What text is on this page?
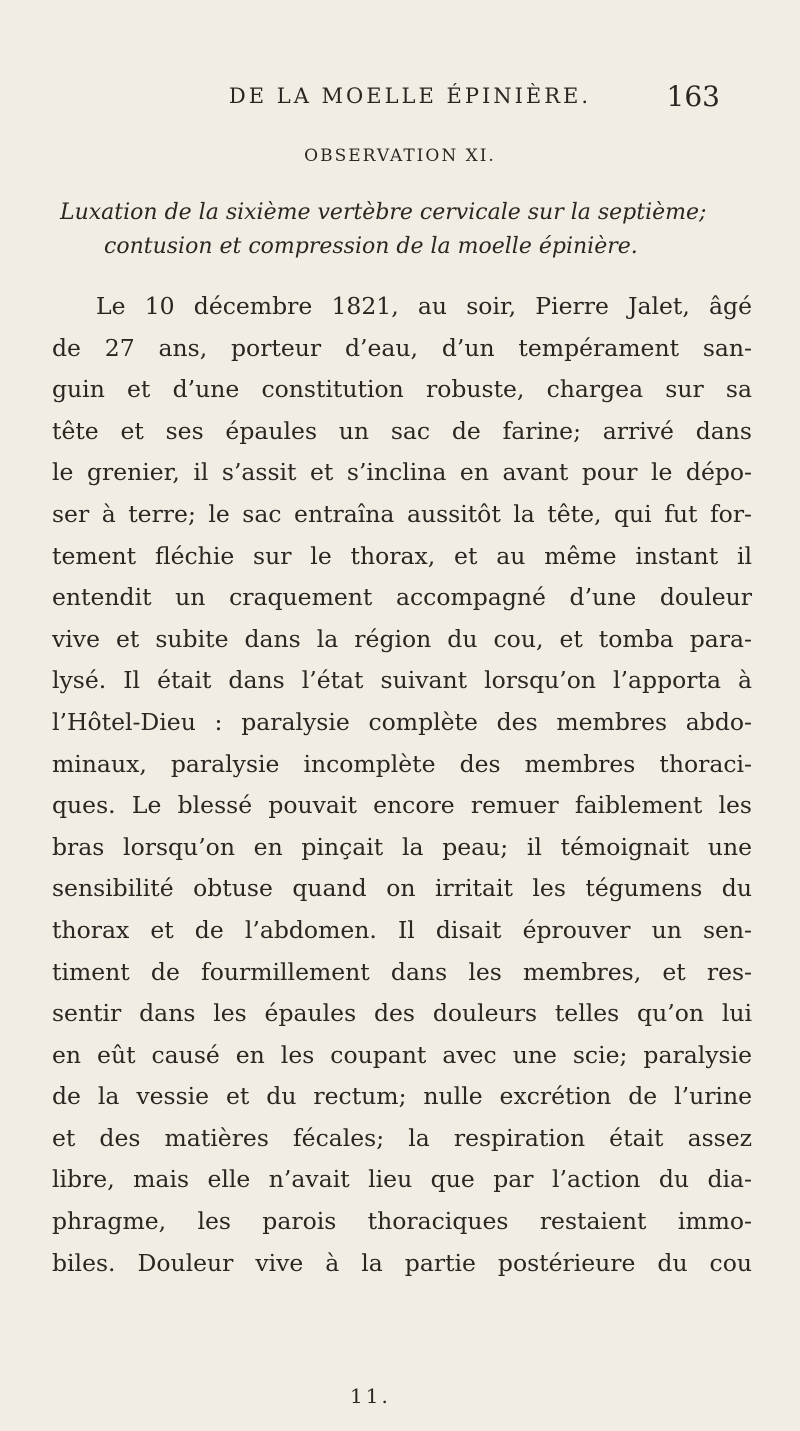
DE LA MOELLE ÉPINIÈRE.	163
OBSERVATION XI.
Luxation de la sixième vertèbre cervicale sur la septième;
contusion et compression de la moelle épinière.
Le 10 décembre 1821, au soir, Pierre Jalet, âgé
de 27 ans, porteur d’eau, d’un tempérament san-
guin et d’une constitution robuste, chargea sur sa
tête et ses épaules un sac de farine; arrivé dans
le grenier, il s’assit et s’inclina en avant pour le dépo-
ser à terre; le sac entraîna aussitôt la tête, qui fut for-
tement fléchie sur le thorax, et au même instant il
entendit un craquement accompagné d’une douleur
vive et subite dans la région du cou, et tomba para-
lysé. Il était dans l’état suivant lorsqu’on l’apporta à
l’Hôtel-Dieu : paralysie complète des membres abdo-
minaux, paralysie incomplète des membres thoraci-
ques. Le blessé pouvait encore remuer faiblement les
bras lorsqu’on en pinçait la peau; il témoignait une
sensibilité obtuse quand on irritait les tégumens du
thorax et de l’abdomen. Il disait éprouver un sen-
timent de fourmillement dans les membres, et res-
sentir dans les épaules des douleurs telles qu’on lui
en eût causé en les coupant avec une scie; paralysie
de la vessie et du rectum; nulle excrétion de l’urine
et des matières fécales; la respiration était assez
libre, mais elle n’avait lieu que par l’action du dia-
phragme, les parois thoraciques restaient immo-
biles. Douleur vive à la partie postérieure du cou
11.
